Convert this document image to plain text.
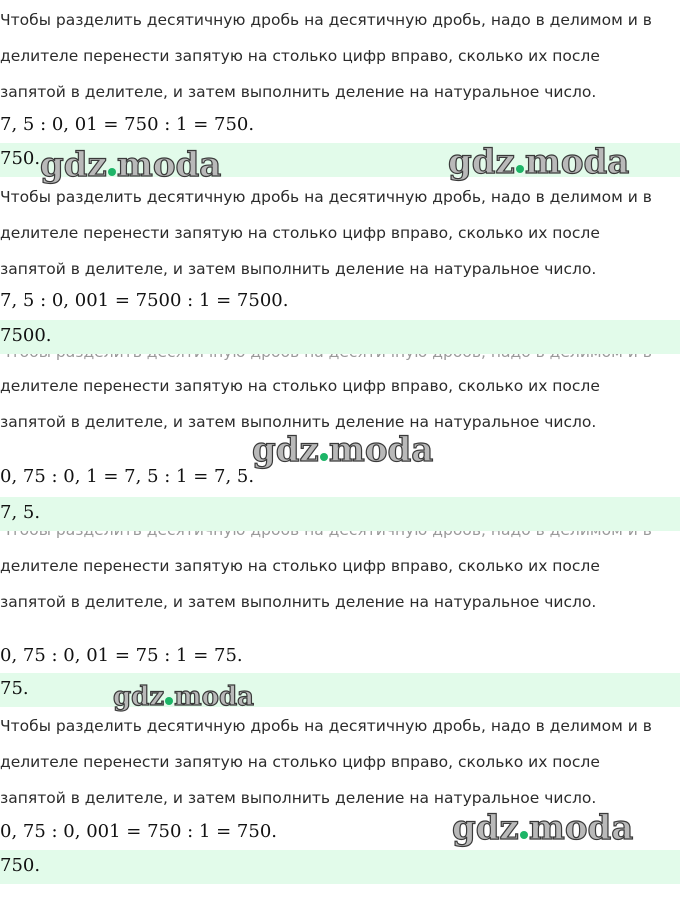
Чтобы разделить десятичную дробь на десятичную дробь, надо в делимом и в
делителе перенести запятую на столько цифр вправо, сколько их после
запятой в делителе, и затем выполнить деление на натуральное число.
7, 5 : 0, 01 = 750 : 1 = 750.
750. gdz moda	gdz moda
Чтобы разделить десятичную дробь на десятичную дробь, надо в делимом и в
делителе перенести запятую на столько цифр вправо, сколько их после
запятой в делителе, и затем выполнить деление на натуральное число.
7, 5 : 0, 001 = 7500 : 1 = 7500.
7500.
делителе перенести запятую на столько цифр вправо, сколько их после
запятой в делителе, и затем выполнить деление на натуральное число.
gdz moda
0, 75 : 0, 1 = 7, 5 : 1 = 7, 5.
7, 5.
делителе перенести запятую на столько цифр вправо, сколько их после
запятой в делителе, и затем выполнить деление на натуральное число.
0, 75 : 0, 01 = 75 : 1 = 75.
75.	gdz moda
Чтобы разделить десятичную дробь на десятичную дробь, надо в делимом и в
делителе перенести запятую на столько цифр вправо, сколько их после
запятой в делителе, и затем выполнить деление на натуральное число.
0, 75 : 0, 001 = 750 : 1 = 750.	gdz moda
750.
